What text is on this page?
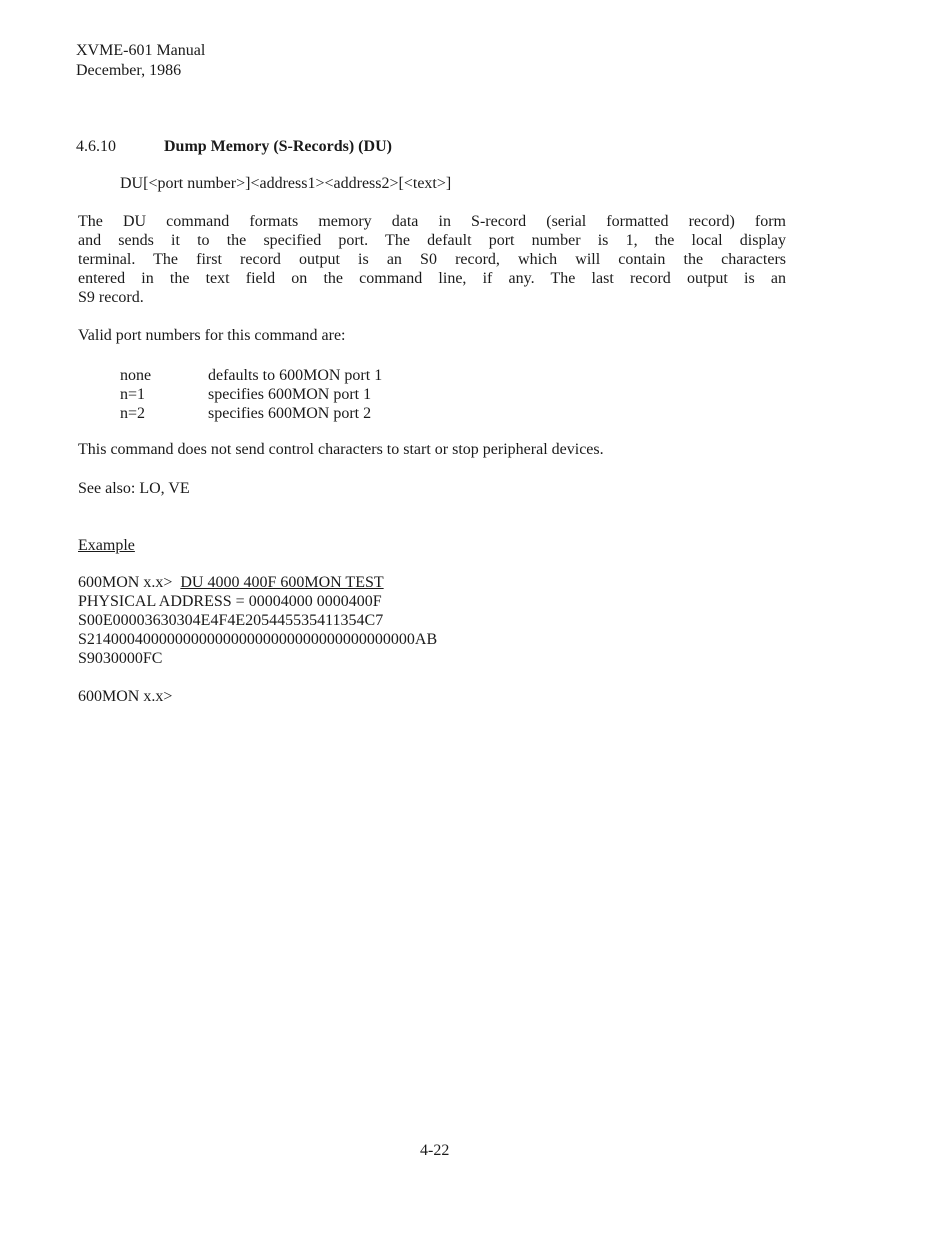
XVME-601 Manual
December, 1986
4.6.10	Dump Memory (S-Records) (DU)
DU[<port number>]<address1><address2>[<text>]
The DU command formats memory data in S-record (serial formatted record) form
and sends it to the specified port. The default port number is 1, the local display
terminal. The first record output is an S0 record, which will contain the characters
entered in the text field on the command line, if any. The last record output is an
S9 record.
Valid port numbers for this command are:
none	defaults to 600MON port 1
n=1	specifies 600MON port 1
n=2	specifies 600MON port 2
This command does not send control characters to start or stop peripheral devices.
See also: LO, VE
Example
600MON x.x> DU 4000 400F 600MON TEST
PHYSICAL ADDRESS = 00004000 0000400F
S00E00003630304E4F4E205445535411354C7
S21400040000000000000000000000000000000000AB
S9030000FC
600MON x.x>
4-22
